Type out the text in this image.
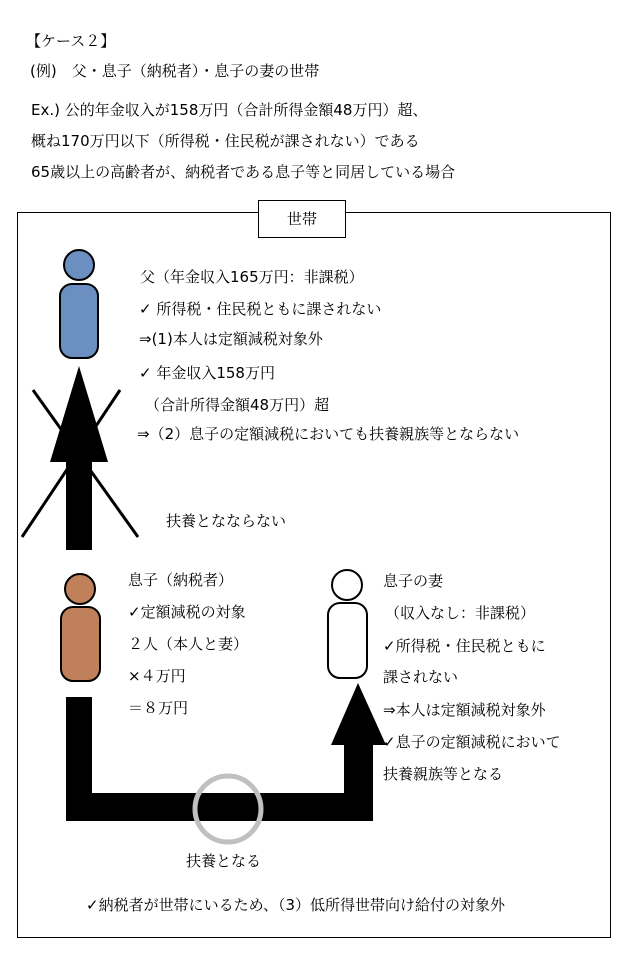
【ケース２】
(例)　父・息子（納税者）・息子の妻の世帯
Ex.) 公的年金収入が158万円（合計所得金額48万円）超、
概ね170万円以下（所得税・住民税が課されない）である
65歳以上の高齢者が、納税者である息子等と同居している場合
世帯
父（年金収入165万円：非課税）
✓ 所得税・住民税ともに課されない
⇒(1)本人は定額減税対象外
✓ 年金収入158万円
（合計所得金額48万円）超
⇒（2）息子の定額減税においても扶養親族等とならない
扶養となならない
息子（納税者）
✓定額減税の対象
２人（本人と妻）
×４万円
＝８万円
息子の妻
（収入なし：非課税）
✓所得税・住民税ともに
課されない
⇒本人は定額減税対象外
✓息子の定額減税において
扶養親族等となる
扶養となる
✓納税者が世帯にいるため、（3）低所得世帯向け給付の対象外
